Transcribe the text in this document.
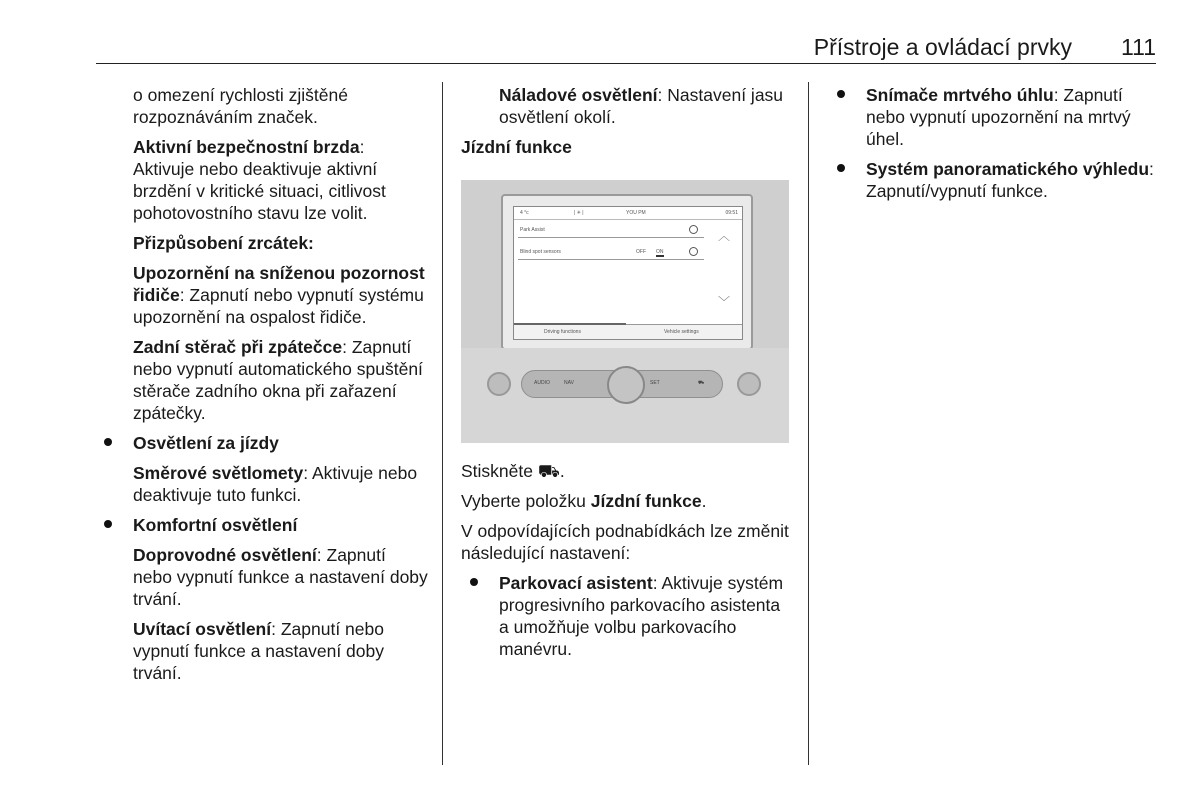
Přístroje a ovládací prvky 111

o omezení rychlosti zjištěné rozpoznáváním značek.

Aktivní bezpečnostní brzda: Aktivuje nebo deaktivuje aktivní brzdění v kritické situaci, citlivost pohotovostního stavu lze volit.

Přizpůsobení zrcátek:

Upozornění na sníženou pozornost řidiče: Zapnutí nebo vypnutí systému upozornění na ospalost řidiče.

Zadní stěrač při zpátečce: Zapnutí nebo vypnutí automatického spuštění stěrače zadního okna při zařazení zpátečky.

Osvětlení za jízdy

Směrové světlomety: Aktivuje nebo deaktivuje tuto funkci.

Komfortní osvětlení

Doprovodné osvětlení: Zapnutí nebo vypnutí funkce a nastavení doby trvání.

Uvítací osvětlení: Zapnutí nebo vypnutí funkce a nastavení doby trvání.

Náladové osvětlení: Nastavení jasu osvětlení okolí.

Jízdní funkce

4 °c	| ✳ |	YOU PM	09:51
Park Assist
Blind spot sensors	OFF ON
︿
﹀
Driving functions	Vehicle settings
AUDIO	NAV	SET	⛟

Stiskněte ⛟.

Vyberte položku Jízdní funkce.

V odpovídajících podnabídkách lze změnit následující nastavení:

Parkovací asistent: Aktivuje systém progresivního parkovacího asistenta a umožňuje volbu parkovacího manévru.
Snímače mrtvého úhlu: Zapnutí nebo vypnutí upozornění na mrtvý úhel.
Systém panoramatického výhledu: Zapnutí/vypnutí funkce.
